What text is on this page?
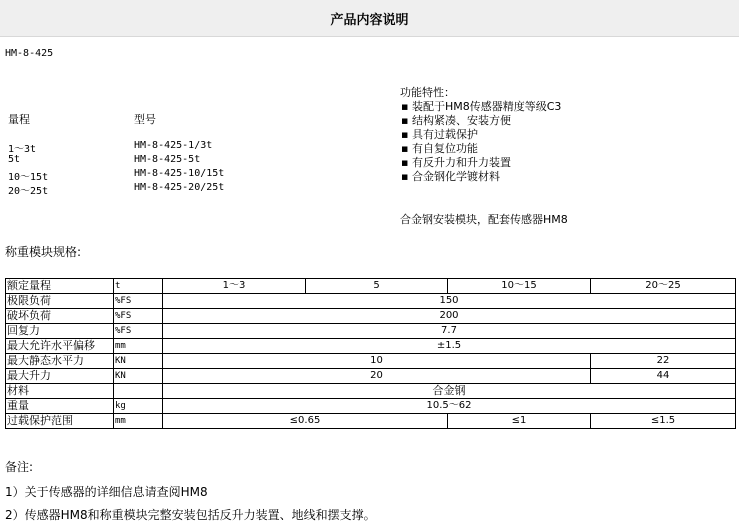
产品内容说明
HM-8-425
功能特性：
▪ 装配于HM8传感器精度等级C3
▪ 结构紧凑、安装方便
▪ 具有过载保护
▪ 有自复位功能
▪ 有反升力和升力装置
▪ 合金钢化学镀材料
合金钢安装模块，配套传感器HM8
量程	型号
1～3t	HM-8-425-1/3t
5t	HM-8-425-5t
10～15t	HM-8-425-10/15t
20～25t	HM-8-425-20/25t
称重模块规格:
额定量程	t	1～3	5	10～15	20～25
极限负荷	%FS	150			
破坏负荷	%FS	200			
回复力	%FS	7.7			
最大允许水平偏移	mm	±1.5			
最大静态水平力	KN	10			22
最大升力	KN	20			44
材料		合金钢			
重量	kg	10.5～62			
过载保护范围	mm	≤0.65		≤1	≤1.5
备注:
1）关于传感器的详细信息请查阅HM8
2）传感器HM8和称重模块完整安装包括反升力装置、地线和摆支撑。
